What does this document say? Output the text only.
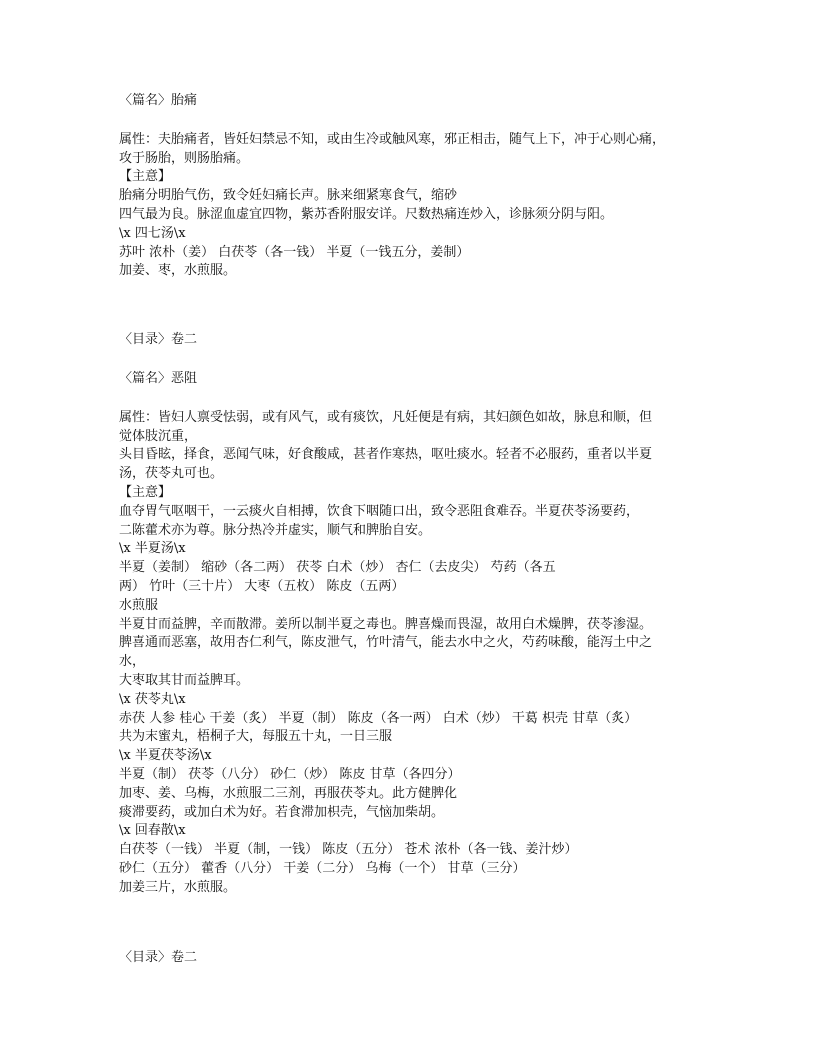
〈篇名〉胎痛
属性：夫胎痛者，皆妊妇禁忌不知，或由生冷或触风寒，邪正相击，随气上下，冲于心则心痛，
攻于肠胎，则肠胎痛。
【主意】
胎痛分明胎气伤，致令妊妇痛长声。脉来细紧寒食气，缩砂
四气最为良。脉涩血虚宜四物，紫苏香附服安详。尺数热痛连炒入，诊脉须分阴与阳。
\x 四七汤\x
苏叶 浓朴（姜） 白茯苓（各一钱） 半夏（一钱五分，姜制）
加姜、枣，水煎服。
〈目录〉卷二
〈篇名〉恶阻
属性：皆妇人禀受怯弱，或有风气，或有痰饮，凡妊便是有病，其妇颜色如故，脉息和顺，但
觉体肢沉重，
头目昏眩，择食，恶闻气味，好食酸咸，甚者作寒热，呕吐痰水。轻者不必服药，重者以半夏
汤，茯苓丸可也。
【主意】
血夺胃气呕咽干，一云痰火自相搏，饮食下咽随口出，致令恶阻食难吞。半夏茯苓汤要药，
二陈藿术亦为尊。脉分热冷并虚实，顺气和脾胎自安。
\x 半夏汤\x
半夏（姜制） 缩砂（各二两） 茯苓 白术（炒） 杏仁（去皮尖） 芍药（各五
两） 竹叶（三十片） 大枣（五枚） 陈皮（五两）
水煎服
半夏甘而益脾，辛而散滞。姜所以制半夏之毒也。脾喜燥而畏湿，故用白术燥脾，茯苓渗湿。
脾喜通而恶塞，故用杏仁利气，陈皮泄气，竹叶清气，能去水中之火，芍药味酸，能泻土中之
水，
大枣取其甘而益脾耳。
\x 茯苓丸\x
赤茯 人参 桂心 干姜（炙） 半夏（制） 陈皮（各一两） 白术（炒） 干葛 枳壳 甘草（炙）
共为末蜜丸，梧桐子大，每服五十丸，一日三服
\x 半夏茯苓汤\x
半夏（制） 茯苓（八分） 砂仁（炒） 陈皮 甘草（各四分）
加枣、姜、乌梅，水煎服二三剂，再服茯苓丸。此方健脾化
痰滞要药，或加白术为好。若食滞加枳壳，气恼加柴胡。
\x 回春散\x
白茯苓（一钱） 半夏（制，一钱） 陈皮（五分） 苍术 浓朴（各一钱、姜汁炒）
砂仁（五分） 藿香（八分） 干姜（二分） 乌梅（一个） 甘草（三分）
加姜三片，水煎服。
〈目录〉卷二
